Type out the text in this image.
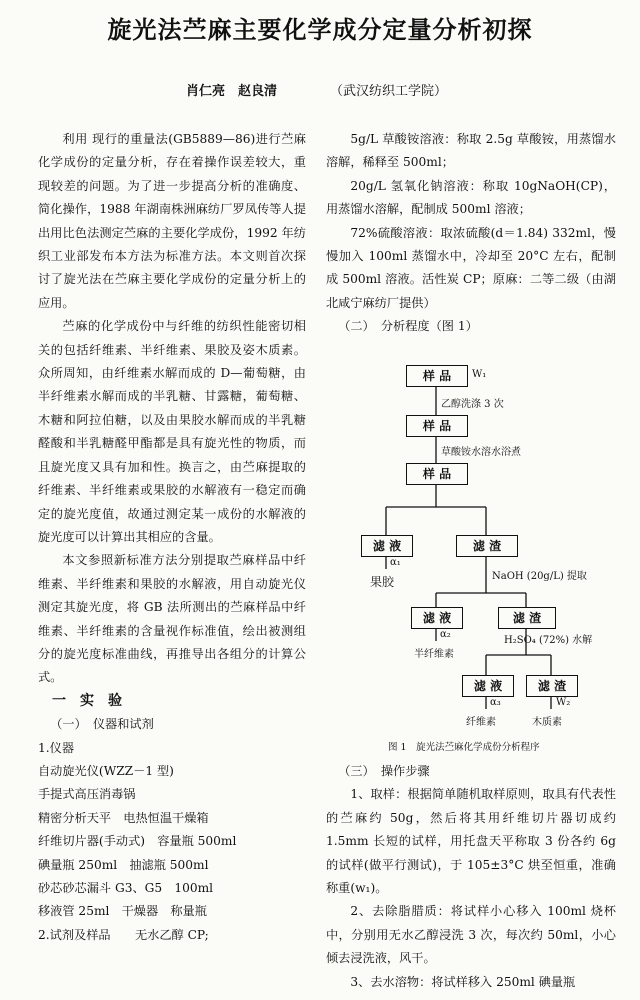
旋光法苎麻主要化学成分定量分析初探
肖仁亮　赵良清	（武汉纺织工学院）

利用 现行的重量法(GB5889—86)进行苎麻化学成份的定量分析，存在着操作误差较大，重现较差的问题。为了进一步提高分析的准确度、简化操作，1988 年湖南株洲麻纺厂罗凤传等人提出用比色法测定苎麻的主要化学成份，1992 年纺织工业部发布本方法为标准方法。本文则首次探讨了旋光法在苎麻主要化学成份的定量分析上的应用。

苎麻的化学成份中与纤维的纺织性能密切相关的包括纤维素、半纤维素、果胶及姿木质素。众所周知，由纤维素水解而成的 D—葡萄糖，由半纤维素水解而成的半乳糖、甘露糖，葡萄糖、木糖和阿拉伯糖，以及由果胶水解而成的半乳糖醛酸和半乳糖醛甲酯都是具有旋光性的物质，而且旋光度又具有加和性。换言之，由苎麻提取的纤维素、半纤维素或果胶的水解液有一稳定而确定的旋光度值，故通过测定某一成份的水解液的旋光度可以计算出其相应的含量。

本文参照新标准方法分别提取苎麻样品中纤维素、半纤维素和果胶的水解液，用自动旋光仪测定其旋光度，将 GB 法所测出的苎麻样品中纤维素、半纤维素的含量视作标准值，绘出被测组分的旋光度标准曲线，再推导出各组分的计算公式。

一　实　验

（一）　仪器和试剂

1.仪器

自动旋光仪(WZZ－1 型)

手提式高压消毒锅

精密分析天平　电热恒温干燥箱

纤维切片器(手动式)　容量瓶 500ml

碘量瓶 250ml　抽滤瓶 500ml

砂芯砂芯漏斗 G3、G5　100ml

移液管 25ml　干燥器　称量瓶

2.试剂及样品　　无水乙醇 CP;

5g/L 草酸铵溶液：称取 2.5g 草酸铵，用蒸馏水溶解，稀释至 500ml；

20g/L 氢氧化钠溶液：称取 10gNaOH(CP)，用蒸馏水溶解，配制成 500ml 溶液；

72%硫酸溶液：取浓硫酸(d＝1.84) 332ml，慢慢加入 100ml 蒸馏水中，冷却至 20°C 左右，配制成 500ml 溶液。活性炭 CP；原麻：二等二级（由湖北咸宁麻纺厂提供）

（二）　分析程度（图 1）

样 品	W₁
乙醇洗涤 3 次
样 品
草酸铵水溶水浴煮
样 品
滤 液	滤 渣
α₁
果胶	NaOH (20g/L) 提取
滤 液	滤 渣
α₂
半纤维素
H₂SO₄ (72%) 水解
滤 液	滤 渣
α₃	W₂
纤维素	木质素
图 1　旋光法苎麻化学成份分析程序

（三）　操作步骤

1、取样：根据简单随机取样原则，取具有代表性的苎麻约 50g，然后将其用纤维切片器切成约 1.5mm 长短的试样，用托盘天平称取 3 份各约 6g 的试样(做平行测试)，于 105±3°C 烘至恒重，准确称重(w₁)。

2、去除脂腊质：将试样小心移入 100ml 烧杯中，分别用无水乙醇浸洗 3 次，每次约 50ml，小心倾去浸洗液，风干。

3、去水溶物：将试样移入 250ml 碘量瓶
